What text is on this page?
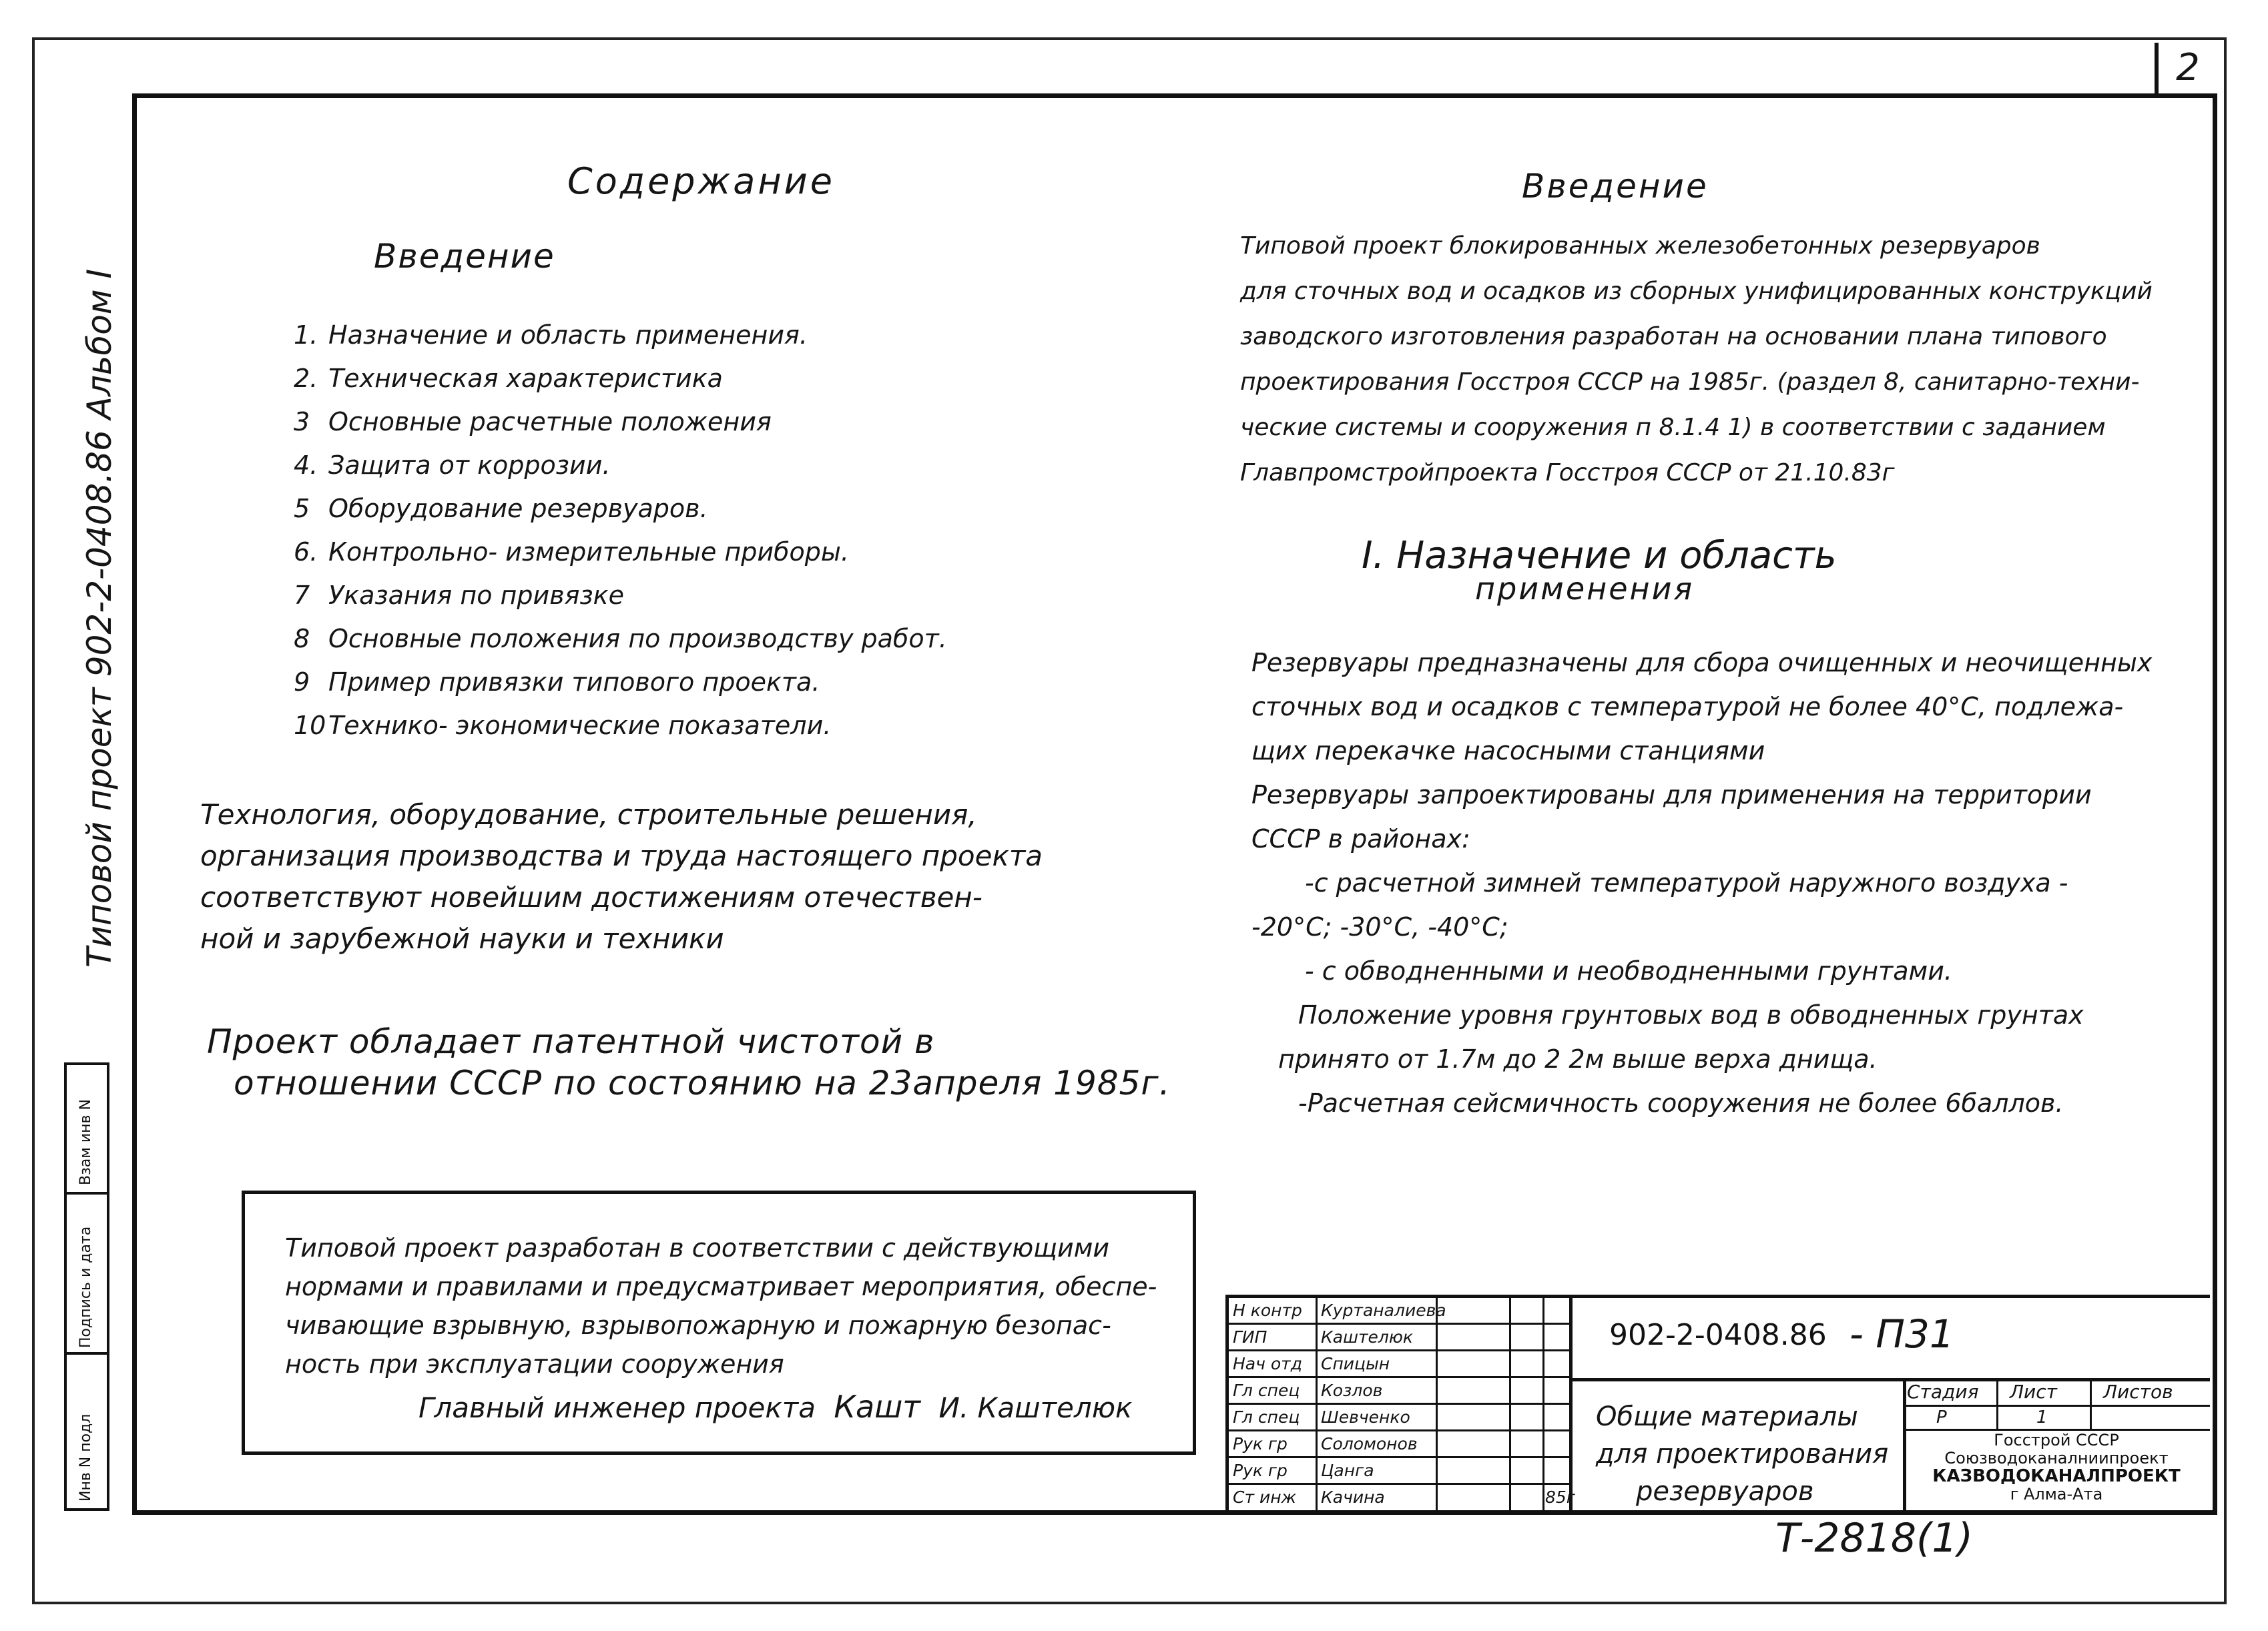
2
Типовой проект 902-2-0408.86 Альбом I
Взам инв N
Подпись и дата
Инв N подл
Содержание
Введение
1. Назначение и область применения.
2. Техническая характеристика
3 Основные расчетные положения
4. Защита от коррозии.
5 Оборудование резервуаров.
6. Контрольно- измерительные приборы.
7 Указания по привязке
8 Основные положения по производству работ.
9 Пример привязки типового проекта.
10Технико- экономические показатели.
Технология, оборудование, строительные решения,
организация производства и труда настоящего проекта
соответствуют новейшим достижениям отечествен-
ной и зарубежной науки и техники
Проект обладает патентной чистотой в
отношении СССР по состоянию на 23апреля 1985г.
Введение
Типовой проект блокированных железобетонных резервуаров
для сточных вод и осадков из сборных унифицированных конструкций
заводского изготовления разработан на основании плана типового
проектирования Госстроя СССР на 1985г. (раздел 8, санитарно-техни-
ческие системы и сооружения п 8.1.4 1) в соответствии с заданием
Главпромстройпроекта Госстроя СССР от 21.10.83г
I. Назначение и область
применения
Резервуары предназначены для сбора очищенных и неочищенных
сточных вод и осадков с температурой не более 40°С, подлежа-
щих перекачке насосными станциями
Резервуары запроектированы для применения на территории
СССР в районах:
-с расчетной зимней температурой наружного воздуха -
-20°С; -30°С, -40°С;
- с обводненными и необводненными грунтами.
Положение уровня грунтовых вод в обводненных грунтах
принято от 1.7м до 2 2м выше верха днища.
-Расчетная сейсмичность сооружения не более 6баллов.
Типовой проект разработан в соответствии с действующими
нормами и правилами и предусматривает мероприятия, обеспе-
чивающие взрывную, взрывопожарную и пожарную безопас-
ность при эксплуатации сооружения
Главный инженер проекта Кашт И. Каштелюк
Н контр Куртаналиева
ГИП	Каштелюк
Нач отд Спицын
Гл спец Козлов
Гл спец Шевченко
Рук гр Соломонов
Рук гр Цанга
Ст инж Качина	85г
902-2-0408.86 - П31
Общие материалы
для проектирования
резервуаров
Стадия Лист Листов
Р	1
Госстрой СССР
Союзводоканалниипроект
КАЗВОДОКАНАЛПРОЕКТ
г Алма-Ата
Т-2818(1)
